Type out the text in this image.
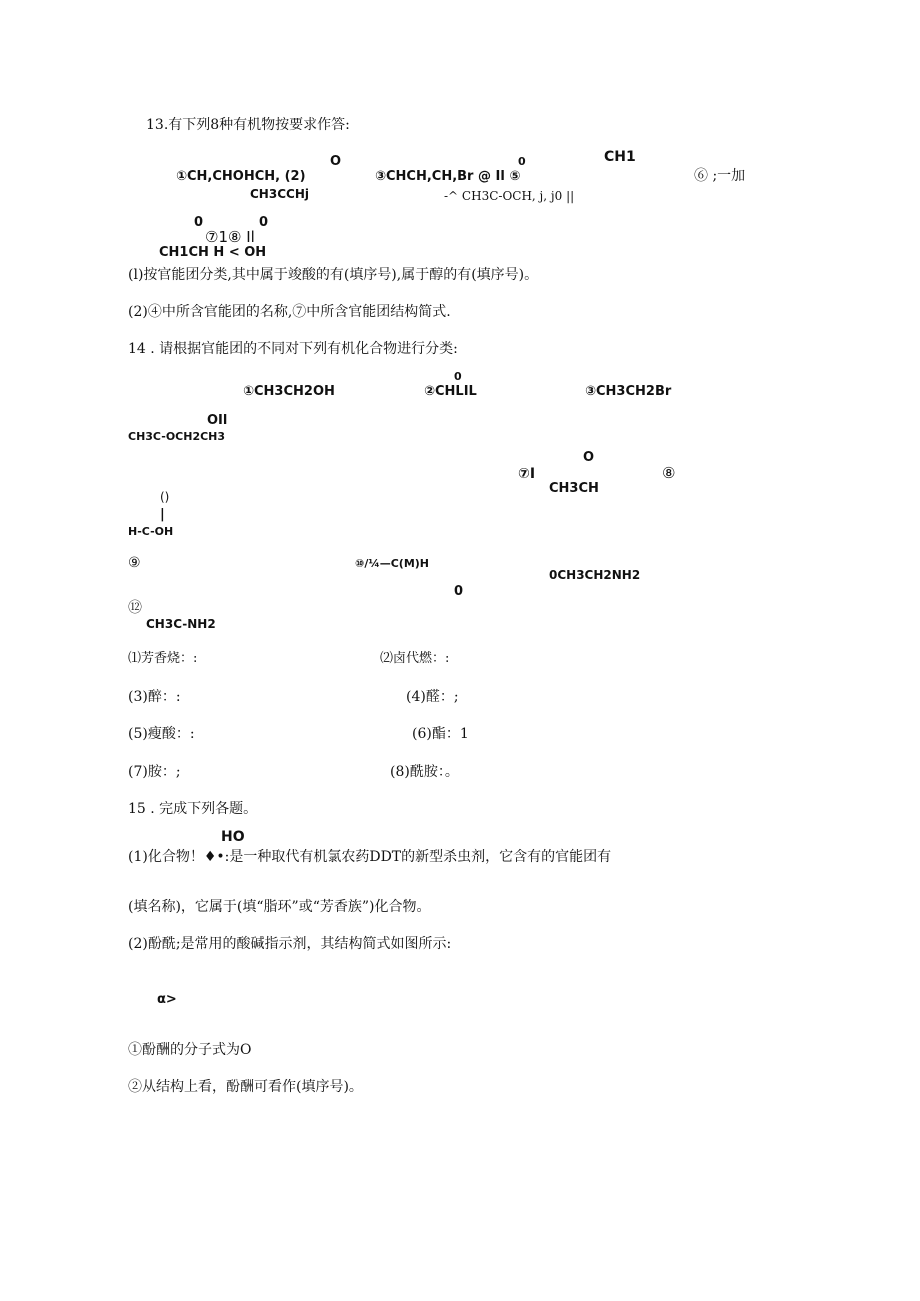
13.有下列8种有机物按要求作答:
O	0	CH1
①CH,CHOHCH, (2)	③CHCH,CH,Br @ Il ⑤	⑥ ;一加
CH3CCHj	-^ CH3C-OCH, j, j0 ||
0	0
⑦1⑧ Il
CH1CH H < OH
(l)按官能团分类,其中属于竣酸的有(填序号),属于醇的有(填序号)。
(2)④中所含官能团的名称,⑦中所含官能团结构简式.
14 . 请根据官能团的不同对下列有机化合物进行分类:
0
①CH3CH2OH	②CHLIL	③CH3CH2Br
OIl
CH3C-OCH2CH3
O
⑦I	⑧
CH3CH
()
|
H-C-OH
⑨	⑩/¼—C(M)H
0CH3CH2NH2
0
⑫
CH3C-NH2
⑴芳香烧：:	⑵卤代燃：:
(3)醉：:	(4)醛：;
(5)瘦酸：:	(6)酯：1
(7)胺：;	(8)酰胺：。
15 . 完成下列各题。
HO
(1)化合物！♦•:是一种取代有机氯农药DDT的新型杀虫剂，它含有的官能团有
(填名称)，它属于(填“脂环”或“芳香族”)化合物。
(2)酚酰;是常用的酸碱指示剂，其结构简式如图所示:
α>
①酚酬的分子式为O
②从结构上看，酚酬可看作(填序号)。
